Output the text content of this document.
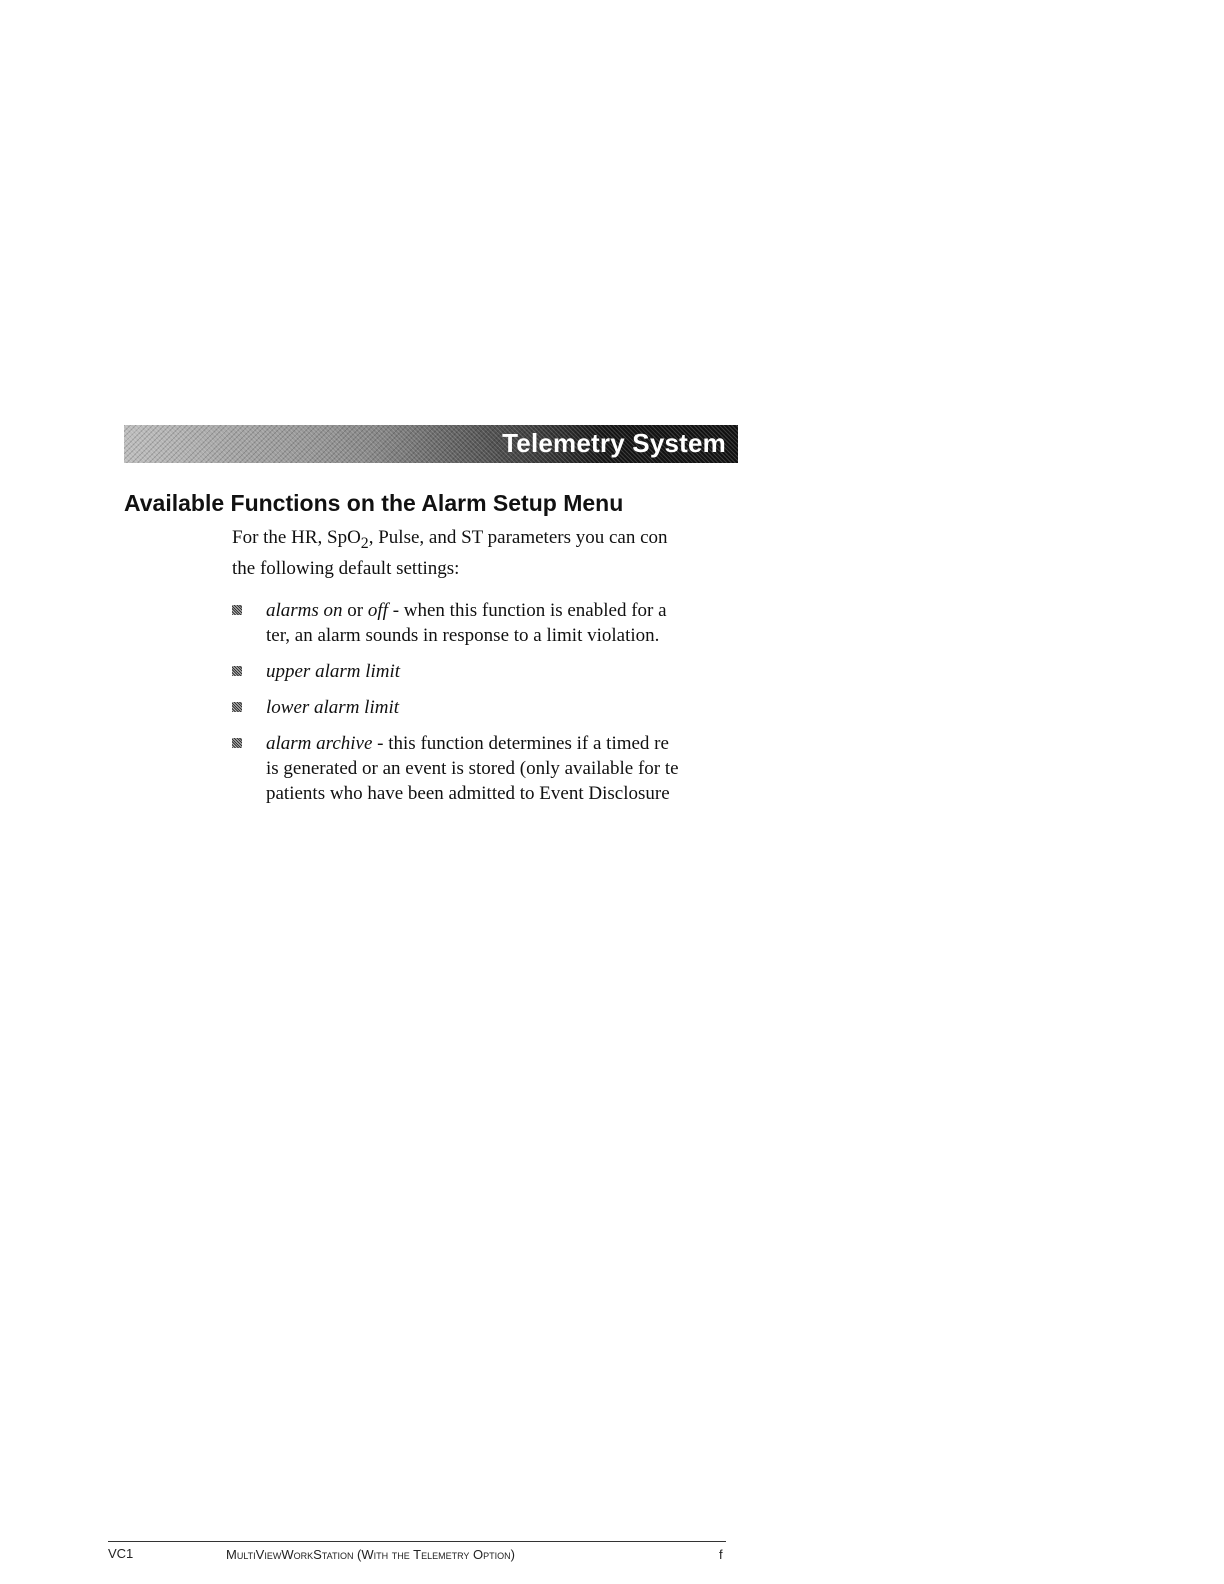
Telemetry System
Available Functions on the Alarm Setup Menu
For the HR, SpO$_2$, Pulse, and ST parameters you can con
the following default settings:
alarms on or off - when this function is enabled for a
ter, an alarm sounds in response to a limit violation.
upper alarm limit
lower alarm limit
alarm archive - this function determines if a timed re
is generated or an event is stored (only available for te
patients who have been admitted to Event Disclosure
VC1	MultiViewWorkStation (With the Telemetry Option)	f
